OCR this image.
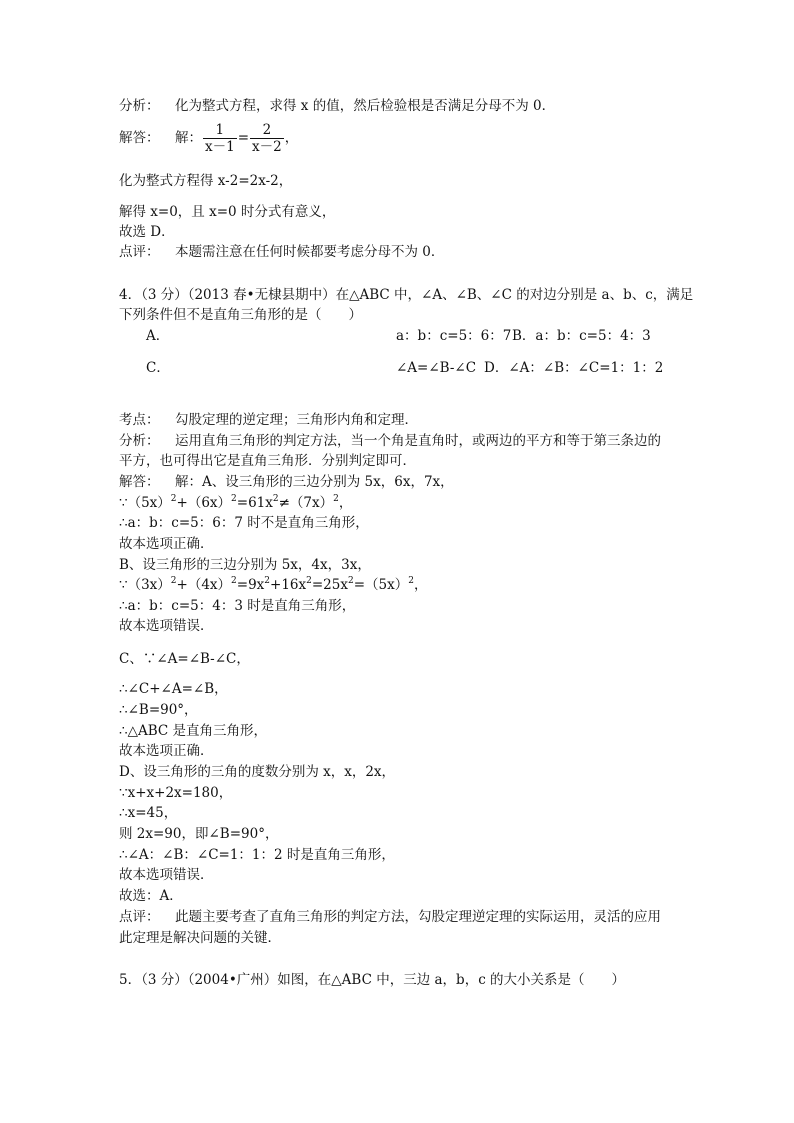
分析： 化为整式方程，求得 x 的值，然后检验根是否满足分母不为 0．
解答： 解： $\frac{1}{x-1} = \frac{2}{x-2}$ ，
化为整式方程得 x-2=2x-2，
解得 x=0，且 x=0 时分式有意义，
故选 D．
点评： 本题需注意在任何时候都要考虑分母不为 0．
4．（3 分）（2013 春•无棣县期中）在△ABC 中，∠A、∠B、∠C 的对边分别是 a、b、c，满足
下列条件但不是直角三角形的是（　　）
A．	a：b：c=5：6：7 B．a：b：c=5：4：3
C．	∠A=∠B-∠C D．∠A：∠B：∠C=1：1：2
考点： 勾股定理的逆定理；三角形内角和定理．
分析： 运用直角三角形的判定方法，当一个角是直角时，或两边的平方和等于第三条边的
平方，也可得出它是直角三角形．分别判定即可．
解答： 解：A、设三角形的三边分别为 5x，6x，7x，
$\because(5x)^2+(6x)^2=61x^2\ne(7x)^2$，
∴a：b：c=5：6：7 时不是直角三角形，
故本选项正确．
B、设三角形的三边分别为 5x，4x，3x，
$\because(3x)^2+(4x)^2=9x^2+16x^2=25x^2=(5x)^2$，
∴a：b：c=5：4：3 时是直角三角形，
故本选项错误．
C、∵∠A=∠B-∠C，
∴∠C+∠A=∠B，
∴∠B=90°，
∴△ABC 是直角三角形，
故本选项正确．
D、设三角形的三角的度数分别为 x，x，2x，
∵x+x+2x=180，
∴x=45，
则 2x=90，即∠B=90°，
∴∠A：∠B：∠C=1：1：2 时是直角三角形，
故本选项错误．
故选：A．
点评： 此题主要考查了直角三角形的判定方法，勾股定理逆定理的实际运用，灵活的应用
此定理是解决问题的关键．
5．（3 分）（2004•广州）如图，在△ABC 中，三边 a，b，c 的大小关系是（　　）
